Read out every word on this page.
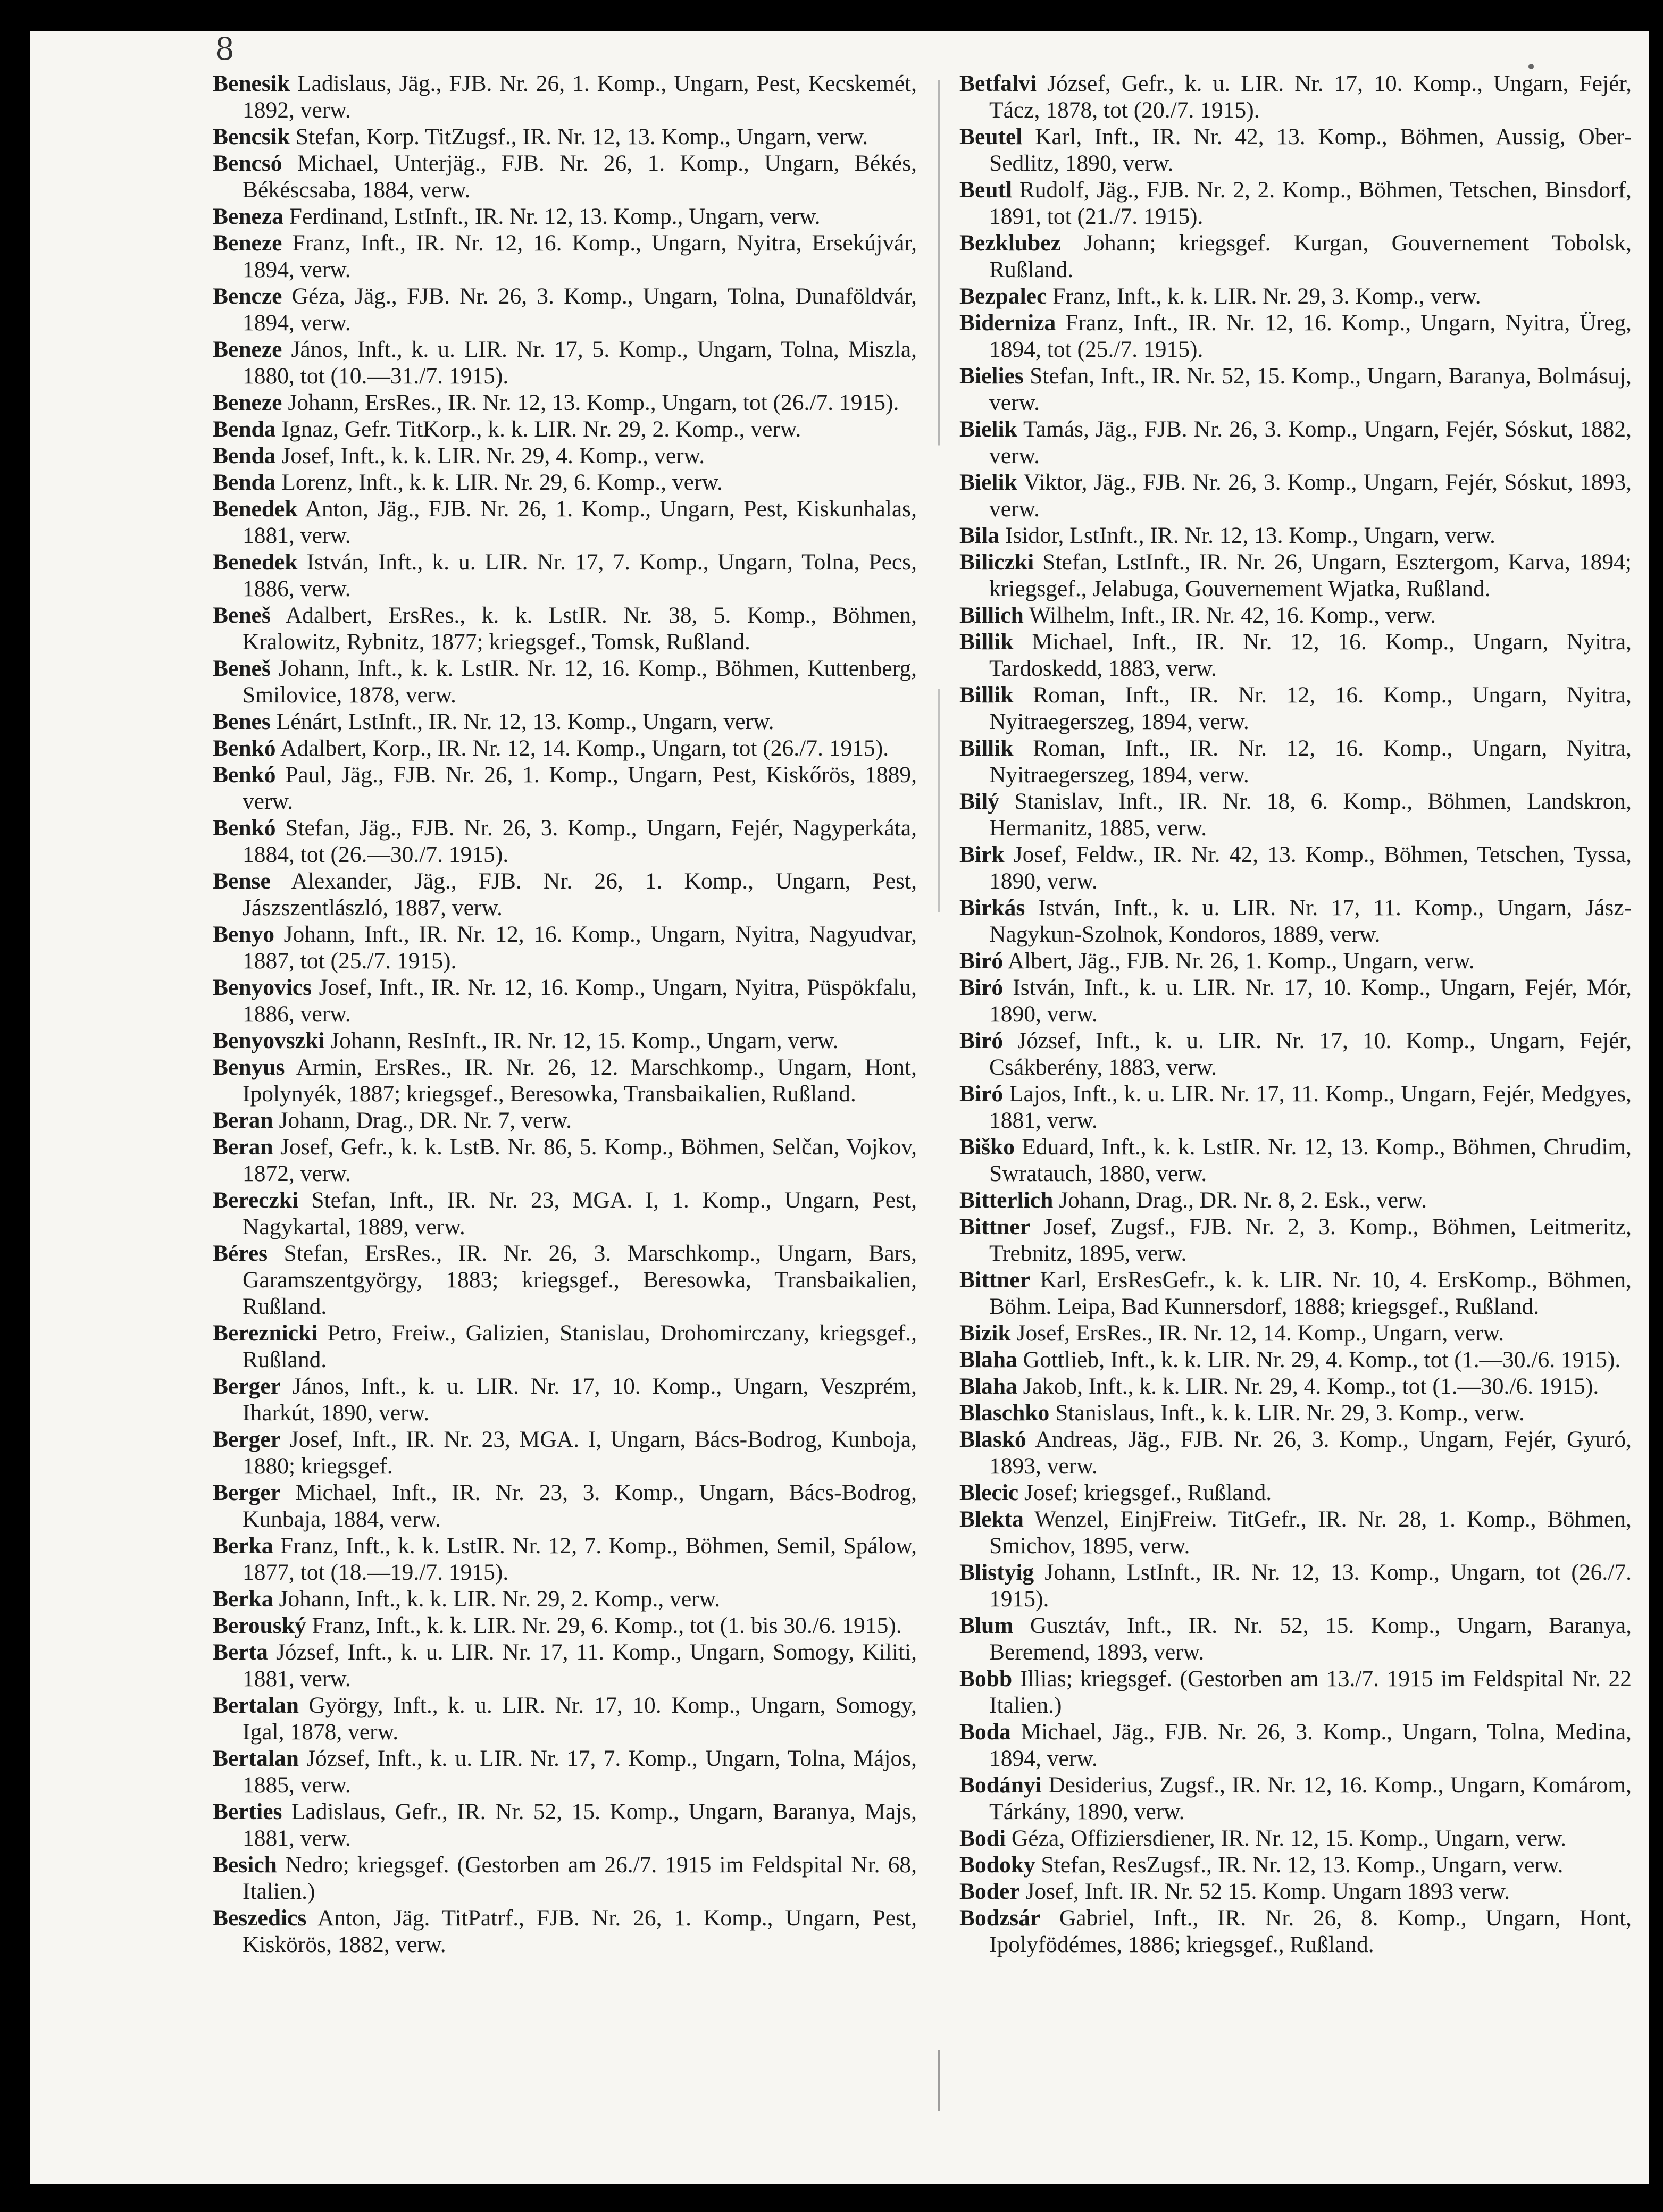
8

Benesik Ladislaus, Jäg., FJB. Nr. 26, 1. Komp., Ungarn, Pest, Kecskemét, 1892, verw.

Bencsik Stefan, Korp. TitZugsf., IR. Nr. 12, 13. Komp., Ungarn, verw.

Bencsó Michael, Unterjäg., FJB. Nr. 26, 1. Komp., Ungarn, Békés, Békéscsaba, 1884, verw.

Beneza Ferdinand, LstInft., IR. Nr. 12, 13. Komp., Ungarn, verw.

Beneze Franz, Inft., IR. Nr. 12, 16. Komp., Ungarn, Nyitra, Ersekújvár, 1894, verw.

Bencze Géza, Jäg., FJB. Nr. 26, 3. Komp., Ungarn, Tolna, Dunaföldvár, 1894, verw.

Beneze János, Inft., k. u. LIR. Nr. 17, 5. Komp., Ungarn, Tolna, Miszla, 1880, tot (10.—31./7. 1915).

Beneze Johann, ErsRes., IR. Nr. 12, 13. Komp., Ungarn, tot (26./7. 1915).

Benda Ignaz, Gefr. TitKorp., k. k. LIR. Nr. 29, 2. Komp., verw.

Benda Josef, Inft., k. k. LIR. Nr. 29, 4. Komp., verw.

Benda Lorenz, Inft., k. k. LIR. Nr. 29, 6. Komp., verw.

Benedek Anton, Jäg., FJB. Nr. 26, 1. Komp., Ungarn, Pest, Kiskunhalas, 1881, verw.

Benedek István, Inft., k. u. LIR. Nr. 17, 7. Komp., Ungarn, Tolna, Pecs, 1886, verw.

Beneš Adalbert, ErsRes., k. k. LstIR. Nr. 38, 5. Komp., Böhmen, Kralowitz, Rybnitz, 1877; kriegsgef., Tomsk, Rußland.

Beneš Johann, Inft., k. k. LstIR. Nr. 12, 16. Komp., Böhmen, Kuttenberg, Smilovice, 1878, verw.

Benes Lénárt, LstInft., IR. Nr. 12, 13. Komp., Ungarn, verw.

Benkó Adalbert, Korp., IR. Nr. 12, 14. Komp., Ungarn, tot (26./7. 1915).

Benkó Paul, Jäg., FJB. Nr. 26, 1. Komp., Ungarn, Pest, Kiskőrös, 1889, verw.

Benkó Stefan, Jäg., FJB. Nr. 26, 3. Komp., Ungarn, Fejér, Nagyperkáta, 1884, tot (26.—30./7. 1915).

Bense Alexander, Jäg., FJB. Nr. 26, 1. Komp., Ungarn, Pest, Jászszentlászló, 1887, verw.

Benyo Johann, Inft., IR. Nr. 12, 16. Komp., Ungarn, Nyitra, Nagyudvar, 1887, tot (25./7. 1915).

Benyovics Josef, Inft., IR. Nr. 12, 16. Komp., Ungarn, Nyitra, Püspökfalu, 1886, verw.

Benyovszki Johann, ResInft., IR. Nr. 12, 15. Komp., Ungarn, verw.

Benyus Armin, ErsRes., IR. Nr. 26, 12. Marschkomp., Ungarn, Hont, Ipolynyék, 1887; kriegsgef., Beresowka, Transbaikalien, Rußland.

Beran Johann, Drag., DR. Nr. 7, verw.

Beran Josef, Gefr., k. k. LstB. Nr. 86, 5. Komp., Böhmen, Selčan, Vojkov, 1872, verw.

Bereczki Stefan, Inft., IR. Nr. 23, MGA. I, 1. Komp., Ungarn, Pest, Nagykartal, 1889, verw.

Béres Stefan, ErsRes., IR. Nr. 26, 3. Marschkomp., Ungarn, Bars, Garamszentgyörgy, 1883; kriegsgef., Beresowka, Transbaikalien, Rußland.

Bereznicki Petro, Freiw., Galizien, Stanislau, Drohomirczany, kriegsgef., Rußland.

Berger János, Inft., k. u. LIR. Nr. 17, 10. Komp., Ungarn, Veszprém, Iharkút, 1890, verw.

Berger Josef, Inft., IR. Nr. 23, MGA. I, Ungarn, Bács-Bodrog, Kunboja, 1880; kriegsgef.

Berger Michael, Inft., IR. Nr. 23, 3. Komp., Ungarn, Bács-Bodrog, Kunbaja, 1884, verw.

Berka Franz, Inft., k. k. LstIR. Nr. 12, 7. Komp., Böhmen, Semil, Spálow, 1877, tot (18.—19./7. 1915).

Berka Johann, Inft., k. k. LIR. Nr. 29, 2. Komp., verw.

Berouský Franz, Inft., k. k. LIR. Nr. 29, 6. Komp., tot (1. bis 30./6. 1915).

Berta József, Inft., k. u. LIR. Nr. 17, 11. Komp., Ungarn, Somogy, Kiliti, 1881, verw.

Bertalan György, Inft., k. u. LIR. Nr. 17, 10. Komp., Ungarn, Somogy, Igal, 1878, verw.

Bertalan József, Inft., k. u. LIR. Nr. 17, 7. Komp., Ungarn, Tolna, Májos, 1885, verw.

Berties Ladislaus, Gefr., IR. Nr. 52, 15. Komp., Ungarn, Baranya, Majs, 1881, verw.

Besich Nedro; kriegsgef. (Gestorben am 26./7. 1915 im Feldspital Nr. 68, Italien.)

Beszedics Anton, Jäg. TitPatrf., FJB. Nr. 26, 1. Komp., Ungarn, Pest, Kiskörös, 1882, verw.

Betfalvi József, Gefr., k. u. LIR. Nr. 17, 10. Komp., Ungarn, Fejér, Tácz, 1878, tot (20./7. 1915).

Beutel Karl, Inft., IR. Nr. 42, 13. Komp., Böhmen, Aussig, Ober-Sedlitz, 1890, verw.

Beutl Rudolf, Jäg., FJB. Nr. 2, 2. Komp., Böhmen, Tetschen, Binsdorf, 1891, tot (21./7. 1915).

Bezklubez Johann; kriegsgef. Kurgan, Gouvernement Tobolsk, Rußland.

Bezpalec Franz, Inft., k. k. LIR. Nr. 29, 3. Komp., verw.

Biderniza Franz, Inft., IR. Nr. 12, 16. Komp., Ungarn, Nyitra, Üreg, 1894, tot (25./7. 1915).

Bielies Stefan, Inft., IR. Nr. 52, 15. Komp., Ungarn, Baranya, Bolmásuj, verw.

Bielik Tamás, Jäg., FJB. Nr. 26, 3. Komp., Ungarn, Fejér, Sóskut, 1882, verw.

Bielik Viktor, Jäg., FJB. Nr. 26, 3. Komp., Ungarn, Fejér, Sóskut, 1893, verw.

Bila Isidor, LstInft., IR. Nr. 12, 13. Komp., Ungarn, verw.

Biliczki Stefan, LstInft., IR. Nr. 26, Ungarn, Esztergom, Karva, 1894; kriegsgef., Jelabuga, Gouvernement Wjatka, Rußland.

Billich Wilhelm, Inft., IR. Nr. 42, 16. Komp., verw.

Billik Michael, Inft., IR. Nr. 12, 16. Komp., Ungarn, Nyitra, Tardoskedd, 1883, verw.

Billik Roman, Inft., IR. Nr. 12, 16. Komp., Ungarn, Nyitra, Nyitraegerszeg, 1894, verw.

Billik Roman, Inft., IR. Nr. 12, 16. Komp., Ungarn, Nyitra, Nyitraegerszeg, 1894, verw.

Bilý Stanislav, Inft., IR. Nr. 18, 6. Komp., Böhmen, Landskron, Hermanitz, 1885, verw.

Birk Josef, Feldw., IR. Nr. 42, 13. Komp., Böhmen, Tetschen, Tyssa, 1890, verw.

Birkás István, Inft., k. u. LIR. Nr. 17, 11. Komp., Ungarn, Jász-Nagykun-Szolnok, Kondoros, 1889, verw.

Biró Albert, Jäg., FJB. Nr. 26, 1. Komp., Ungarn, verw.

Biró István, Inft., k. u. LIR. Nr. 17, 10. Komp., Ungarn, Fejér, Mór, 1890, verw.

Biró József, Inft., k. u. LIR. Nr. 17, 10. Komp., Ungarn, Fejér, Csákberény, 1883, verw.

Biró Lajos, Inft., k. u. LIR. Nr. 17, 11. Komp., Ungarn, Fejér, Medgyes, 1881, verw.

Biško Eduard, Inft., k. k. LstIR. Nr. 12, 13. Komp., Böhmen, Chrudim, Swratauch, 1880, verw.

Bitterlich Johann, Drag., DR. Nr. 8, 2. Esk., verw.

Bittner Josef, Zugsf., FJB. Nr. 2, 3. Komp., Böhmen, Leitmeritz, Trebnitz, 1895, verw.

Bittner Karl, ErsResGefr., k. k. LIR. Nr. 10, 4. ErsKomp., Böhmen, Böhm. Leipa, Bad Kunnersdorf, 1888; kriegsgef., Rußland.

Bizik Josef, ErsRes., IR. Nr. 12, 14. Komp., Ungarn, verw.

Blaha Gottlieb, Inft., k. k. LIR. Nr. 29, 4. Komp., tot (1.—30./6. 1915).

Blaha Jakob, Inft., k. k. LIR. Nr. 29, 4. Komp., tot (1.—30./6. 1915).

Blaschko Stanislaus, Inft., k. k. LIR. Nr. 29, 3. Komp., verw.

Blaskó Andreas, Jäg., FJB. Nr. 26, 3. Komp., Ungarn, Fejér, Gyuró, 1893, verw.

Blecic Josef; kriegsgef., Rußland.

Blekta Wenzel, EinjFreiw. TitGefr., IR. Nr. 28, 1. Komp., Böhmen, Smichov, 1895, verw.

Blistyig Johann, LstInft., IR. Nr. 12, 13. Komp., Ungarn, tot (26./7. 1915).

Blum Gusztáv, Inft., IR. Nr. 52, 15. Komp., Ungarn, Baranya, Beremend, 1893, verw.

Bobb Illias; kriegsgef. (Gestorben am 13./7. 1915 im Feldspital Nr. 22 Italien.)

Boda Michael, Jäg., FJB. Nr. 26, 3. Komp., Ungarn, Tolna, Medina, 1894, verw.

Bodányi Desiderius, Zugsf., IR. Nr. 12, 16. Komp., Ungarn, Komárom, Tárkány, 1890, verw.

Bodi Géza, Offiziersdiener, IR. Nr. 12, 15. Komp., Ungarn, verw.

Bodoky Stefan, ResZugsf., IR. Nr. 12, 13. Komp., Ungarn, verw.

Boder Josef, Inft. IR. Nr. 52 15. Komp. Ungarn 1893 verw.

Bodzsár Gabriel, Inft., IR. Nr. 26, 8. Komp., Ungarn, Hont, Ipolyfödémes, 1886; kriegsgef., Rußland.
